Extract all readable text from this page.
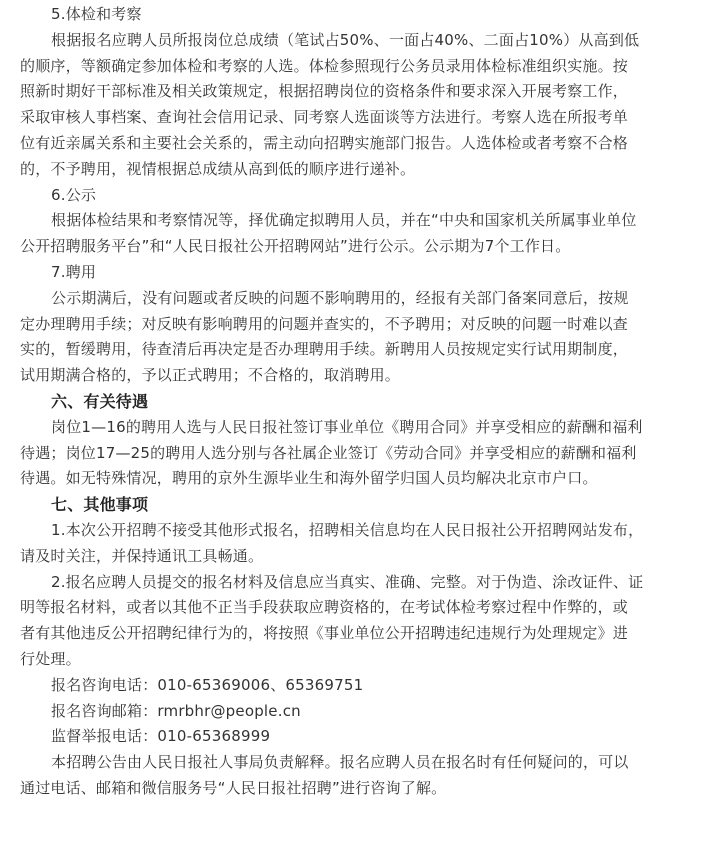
5.体检和考察

根据报名应聘人员所报岗位总成绩（笔试占50%、一面占40%、二面占10%）从高到低

的顺序，等额确定参加体检和考察的人选。体检参照现行公务员录用体检标准组织实施。按

照新时期好干部标准及相关政策规定，根据招聘岗位的资格条件和要求深入开展考察工作，

采取审核人事档案、查询社会信用记录、同考察人选面谈等方法进行。考察人选在所报考单

位有近亲属关系和主要社会关系的，需主动向招聘实施部门报告。人选体检或者考察不合格

的，不予聘用，视情根据总成绩从高到低的顺序进行递补。

6.公示

根据体检结果和考察情况等，择优确定拟聘用人员，并在“中央和国家机关所属事业单位

公开招聘服务平台”和“人民日报社公开招聘网站”进行公示。公示期为7个工作日。

7.聘用

公示期满后，没有问题或者反映的问题不影响聘用的，经报有关部门备案同意后，按规

定办理聘用手续；对反映有影响聘用的问题并查实的，不予聘用；对反映的问题一时难以查

实的，暂缓聘用，待查清后再决定是否办理聘用手续。新聘用人员按规定实行试用期制度，

试用期满合格的，予以正式聘用；不合格的，取消聘用。

六、有关待遇

岗位1—16的聘用人选与人民日报社签订事业单位《聘用合同》并享受相应的薪酬和福利

待遇；岗位17—25的聘用人选分别与各社属企业签订《劳动合同》并享受相应的薪酬和福利

待遇。如无特殊情况，聘用的京外生源毕业生和海外留学归国人员均解决北京市户口。

七、其他事项

1.本次公开招聘不接受其他形式报名，招聘相关信息均在人民日报社公开招聘网站发布，

请及时关注，并保持通讯工具畅通。

2.报名应聘人员提交的报名材料及信息应当真实、准确、完整。对于伪造、涂改证件、证

明等报名材料，或者以其他不正当手段获取应聘资格的，在考试体检考察过程中作弊的，或

者有其他违反公开招聘纪律行为的，将按照《事业单位公开招聘违纪违规行为处理规定》进

行处理。

报名咨询电话：010-65369006、65369751

报名咨询邮箱：rmrbhr@people.cn

监督举报电话：010-65368999

本招聘公告由人民日报社人事局负责解释。报名应聘人员在报名时有任何疑问的，可以

通过电话、邮箱和微信服务号“人民日报社招聘”进行咨询了解。
